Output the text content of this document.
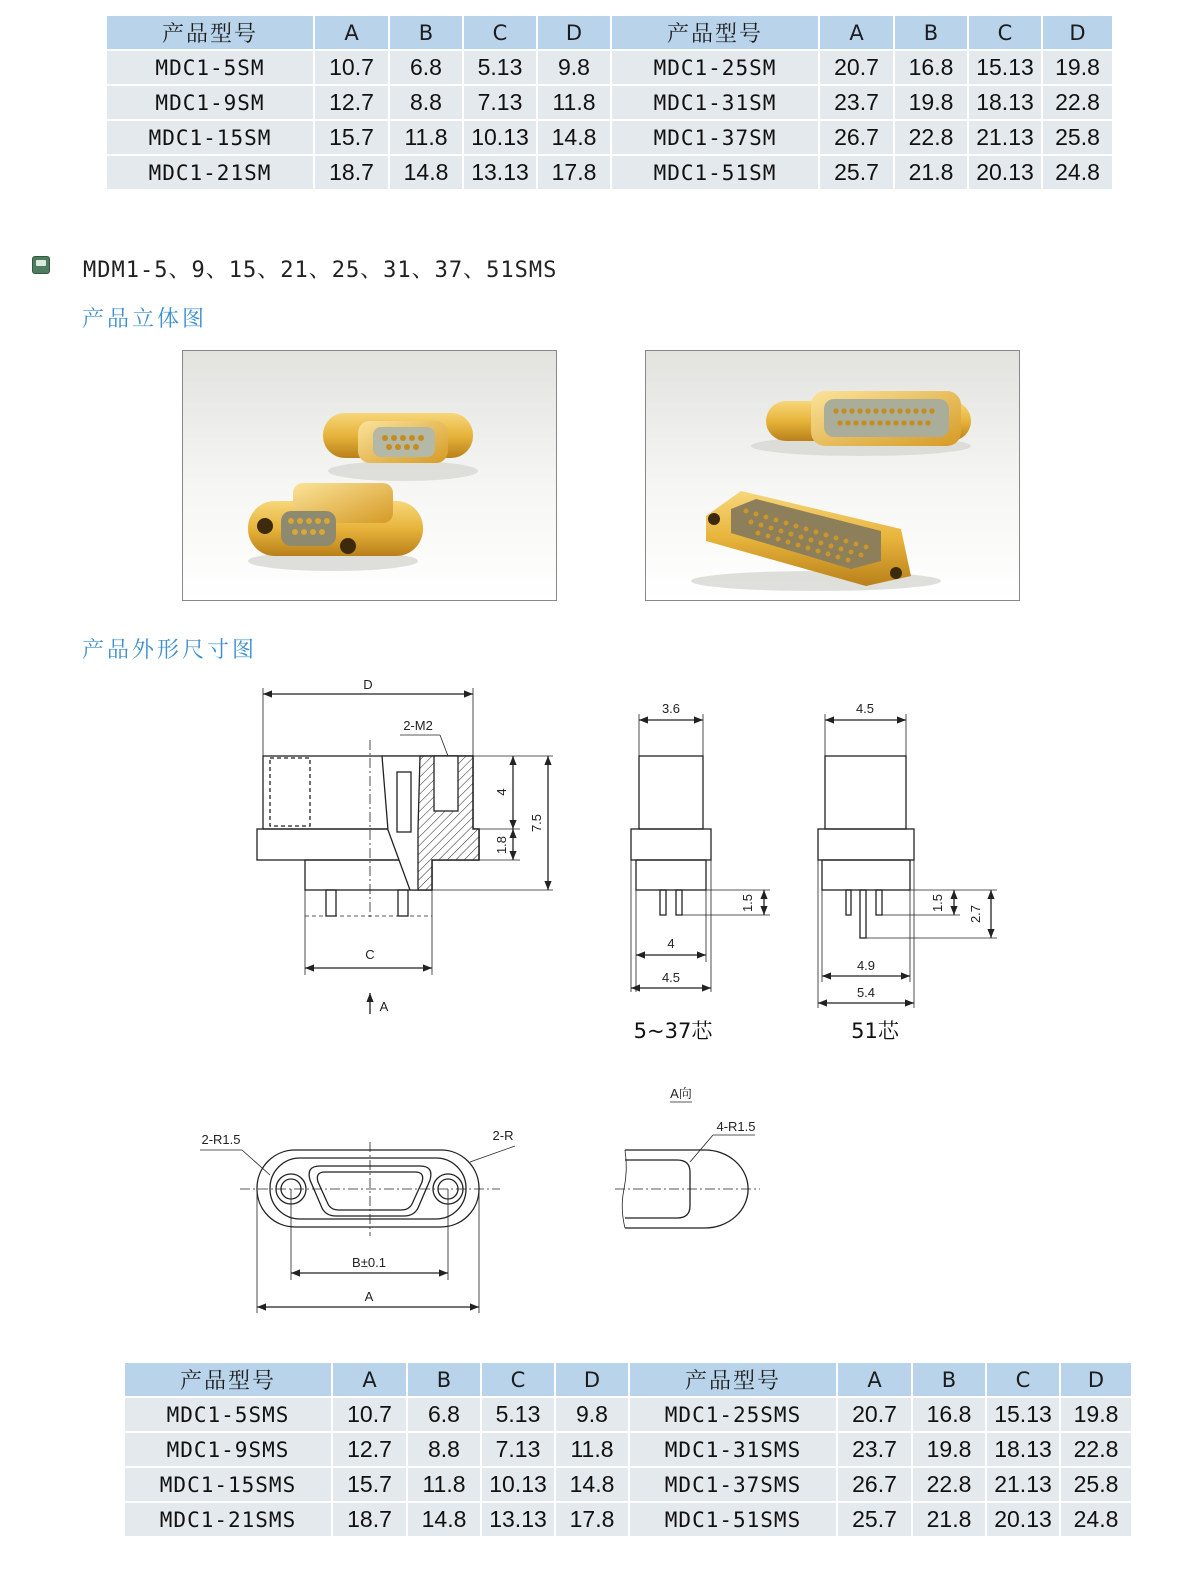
产品型号	A	B	C	D	产品型号	A	B	C	D
MDC1-5SM	10.7	6.8	5.13	9.8	MDC1-25SM	20.7	16.8	15.13	19.8
MDC1-9SM	12.7	8.8	7.13	11.8	MDC1-31SM	23.7	19.8	18.13	22.8
MDC1-15SM	15.7	11.8	10.13	14.8	MDC1-37SM	26.7	22.8	21.13	25.8
MDC1-21SM	18.7	14.8	13.13	17.8	MDC1-51SM	25.7	21.8	20.13	24.8
MDM1-5、9、15、21、25、31、37、51SMS
产品立体图
产品外形尺寸图
D
2-M2
4
1.8
7.5
C
A
3.6
1.5
4
4.5
5~37芯
4.5
1.5
2.7
4.9
5.4
51芯
2-R1.5	2-R
B±0.1
A
A向
4-R1.5
产品型号	A	B	C	D	产品型号	A	B	C	D
MDC1-5SMS	10.7	6.8	5.13	9.8	MDC1-25SMS	20.7	16.8	15.13	19.8
MDC1-9SMS	12.7	8.8	7.13	11.8	MDC1-31SMS	23.7	19.8	18.13	22.8
MDC1-15SMS	15.7	11.8	10.13	14.8	MDC1-37SMS	26.7	22.8	21.13	25.8
MDC1-21SMS	18.7	14.8	13.13	17.8	MDC1-51SMS	25.7	21.8	20.13	24.8
